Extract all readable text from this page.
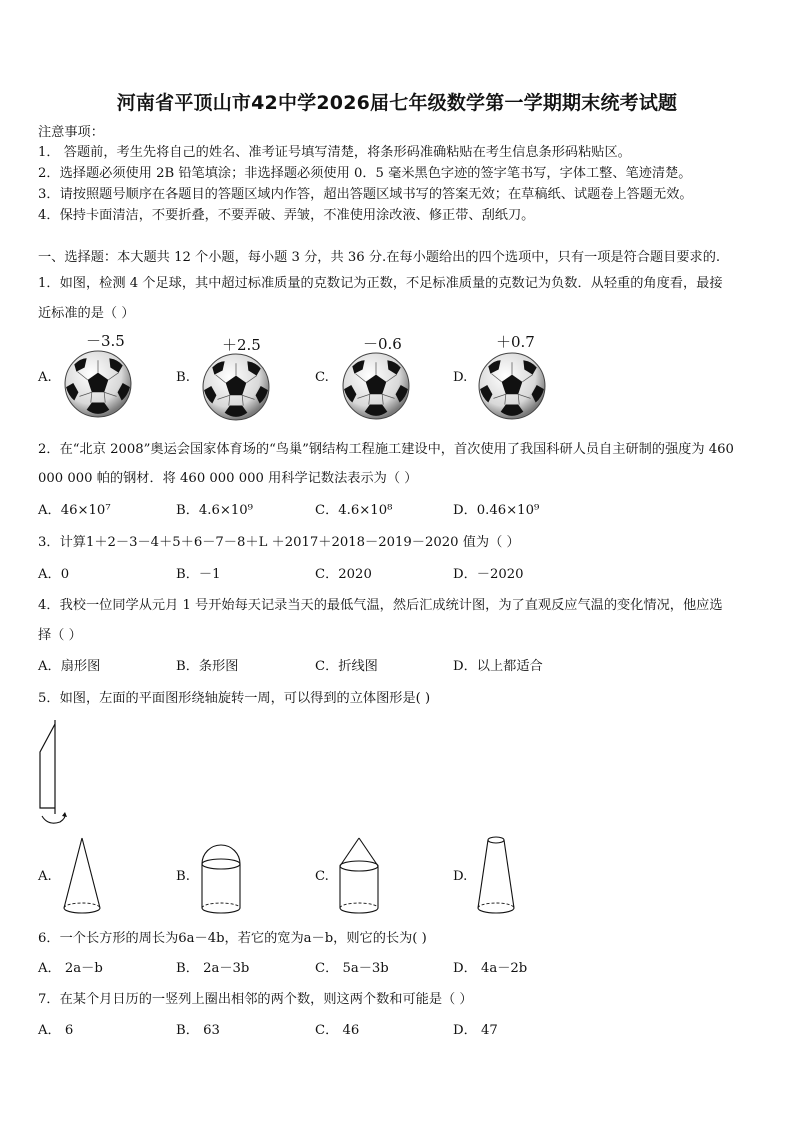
河南省平顶山市42中学2026届七年级数学第一学期期末统考试题
注意事项：
1． 答题前，考生先将自己的姓名、准考证号填写清楚，将条形码准确粘贴在考生信息条形码粘贴区。
2．选择题必须使用 2B 铅笔填涂；非选择题必须使用 0．5 毫米黑色字迹的签字笔书写，字体工整、笔迹清楚。
3．请按照题号顺序在各题目的答题区域内作答，超出答题区域书写的答案无效；在草稿纸、试题卷上答题无效。
4．保持卡面清洁，不要折叠，不要弄破、弄皱，不准使用涂改液、修正带、刮纸刀。
一、选择题：本大题共 12 个小题，每小题 3 分，共 36 分.在每小题给出的四个选项中，只有一项是符合题目要求的.
1．如图，检测 4 个足球，其中超过标准质量的克数记为正数，不足标准质量的克数记为负数．从轻重的角度看，最接
近标准的是（ ）
A.
－3.5
B.
＋2.5
C.
－0.6
D.
＋0.7
2．在“北京 2008”奥运会国家体育场的“鸟巢”钢结构工程施工建设中，首次使用了我国科研人员自主研制的强度为 460
000 000 帕的钢材．将 460 000 000 用科学记数法表示为（ ）
A．46×10⁷	B．4.6×10⁹	C．4.6×10⁸	D．0.46×10⁹
3．计算1＋2－3－4＋5＋6－7－8＋L ＋2017＋2018－2019－2020 值为（ ）
A．0	B．－1	C．2020	D．－2020
4．我校一位同学从元月 1 号开始每天记录当天的最低气温，然后汇成统计图，为了直观反应气温的变化情况，他应选
择（ ）
A．扇形图	B．条形图	C．折线图	D．以上都适合
5．如图，左面的平面图形绕轴旋转一周，可以得到的立体图形是( )
A.	B.	C.	D.
6．一个长方形的周长为6a－4b，若它的宽为a－b，则它的长为( )
A． 2a－b	B． 2a－3b	C． 5a－3b	D． 4a－2b
7．在某个月日历的一竖列上圈出相邻的两个数，则这两个数和可能是（ ）
A． 6	B． 63	C． 46	D． 47
